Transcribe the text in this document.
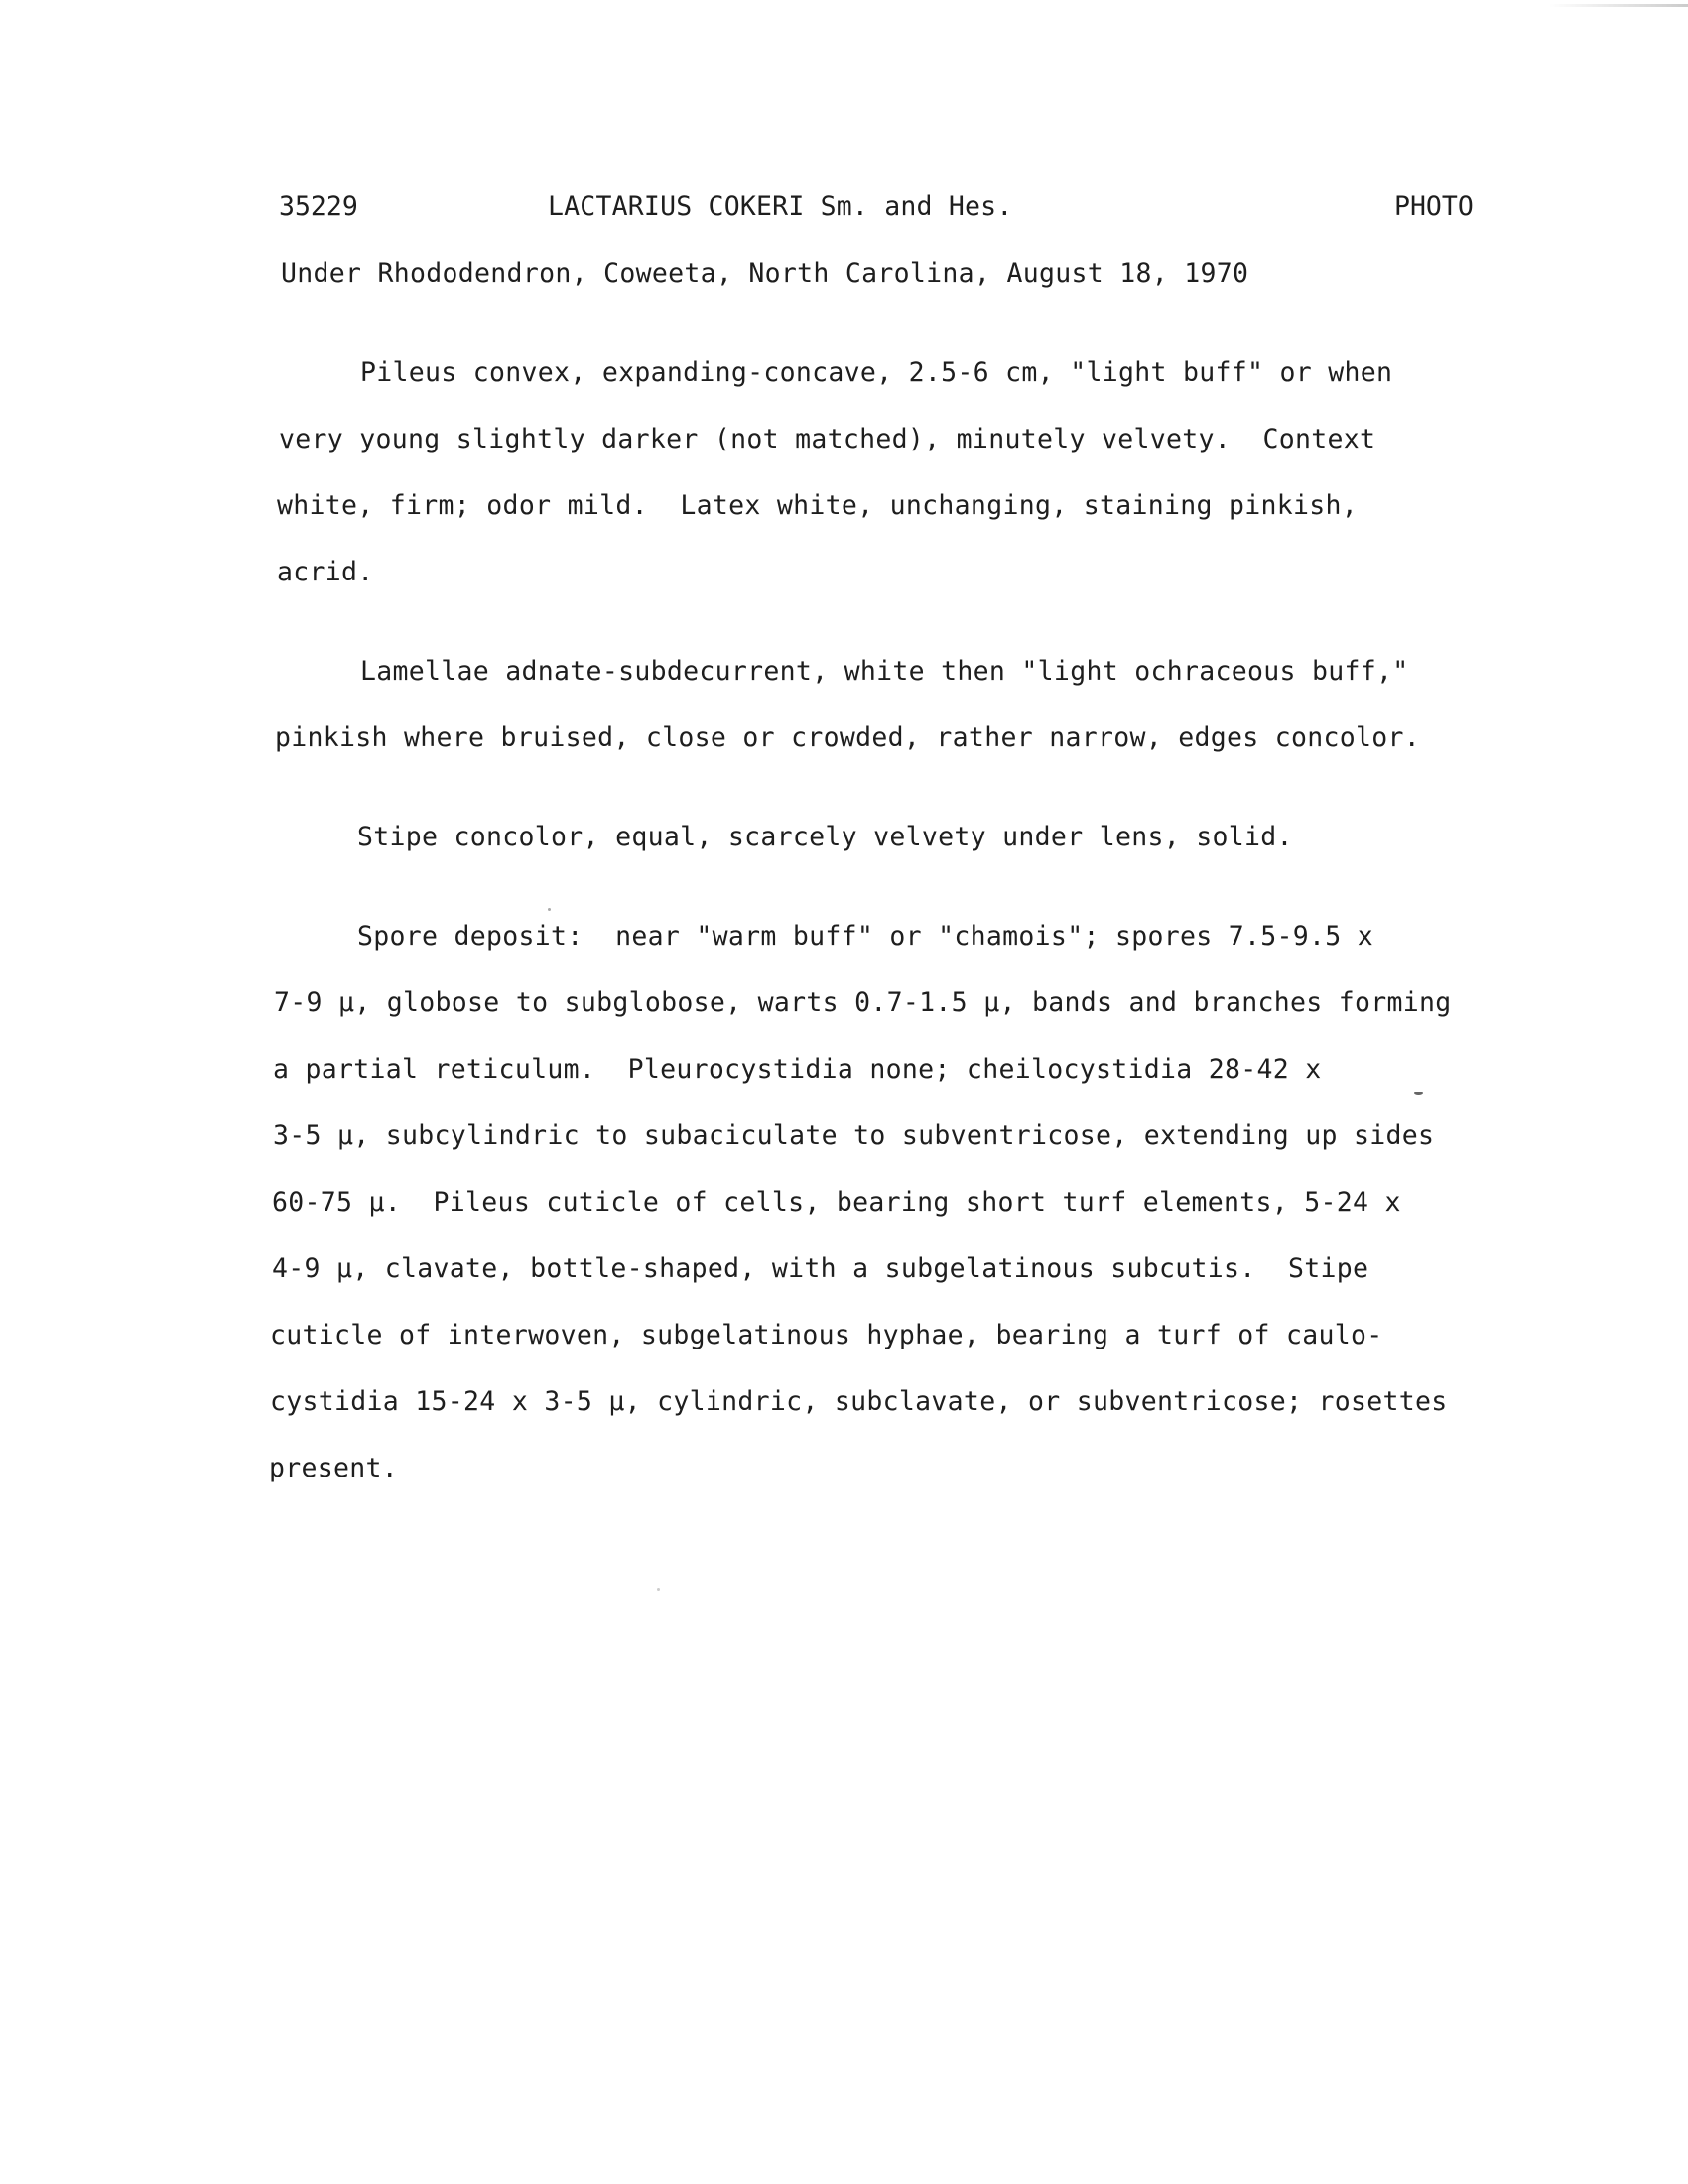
35229	LACTARIUS COKERI Sm. and Hes.	PHOTO
Under Rhododendron, Coweeta, North Carolina, August 18, 1970
Pileus convex, expanding-concave, 2.5-6 cm, "light buff" or when
very young slightly darker (not matched), minutely velvety.  Context
white, firm; odor mild.  Latex white, unchanging, staining pinkish,
acrid.
Lamellae adnate-subdecurrent, white then "light ochraceous buff,"
pinkish where bruised, close or crowded, rather narrow, edges concolor.
Stipe concolor, equal, scarcely velvety under lens, solid.
Spore deposit:  near "warm buff" or "chamois"; spores 7.5-9.5 x
7-9 µ, globose to subglobose, warts 0.7-1.5 µ, bands and branches forming
a partial reticulum.  Pleurocystidia none; cheilocystidia 28-42 x
3-5 µ, subcylindric to subaciculate to subventricose, extending up sides
60-75 µ.  Pileus cuticle of cells, bearing short turf elements, 5-24 x
4-9 µ, clavate, bottle-shaped, with a subgelatinous subcutis.  Stipe
cuticle of interwoven, subgelatinous hyphae, bearing a turf of caulo-
cystidia 15-24 x 3-5 µ, cylindric, subclavate, or subventricose; rosettes
present.
